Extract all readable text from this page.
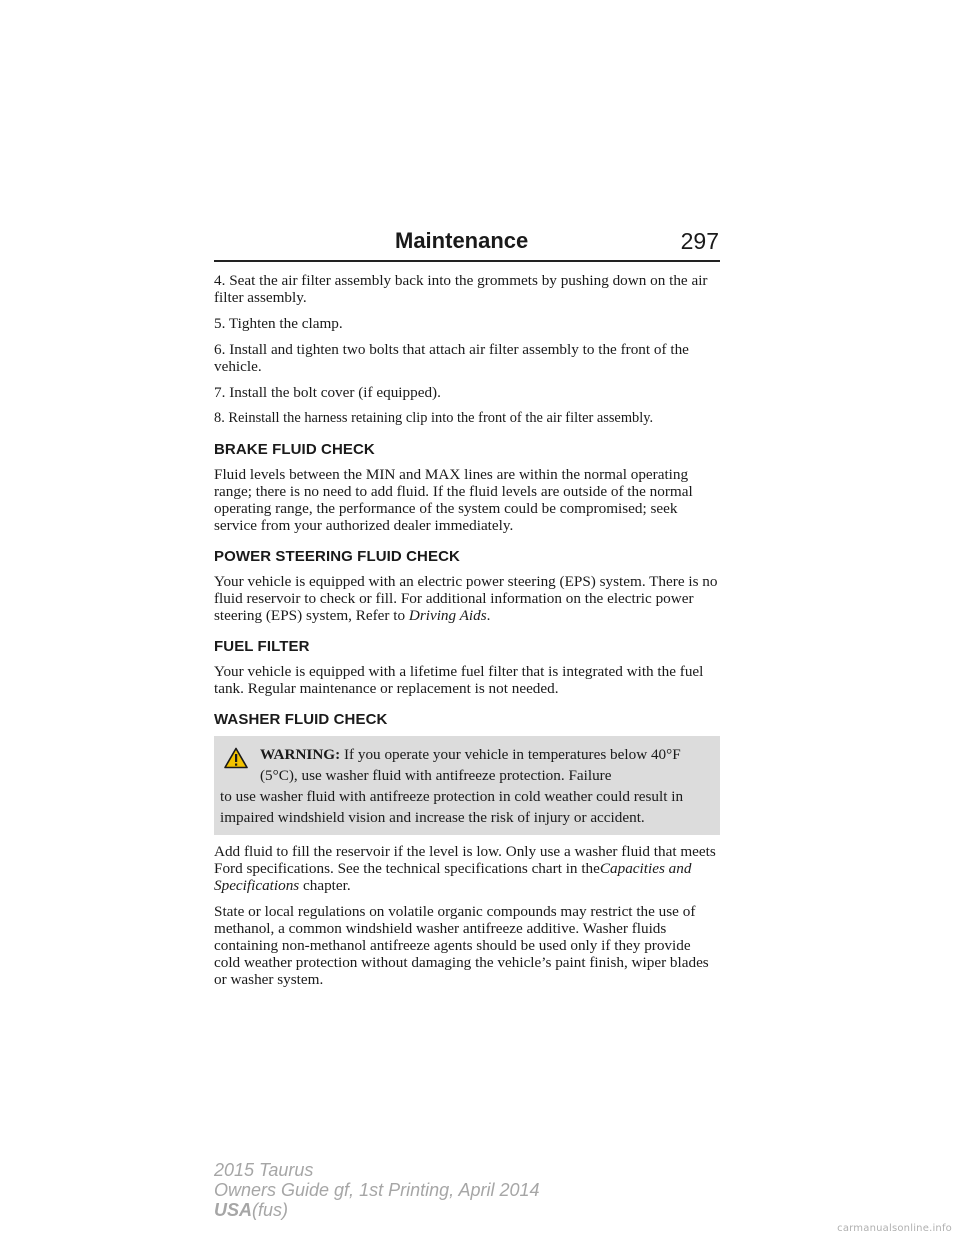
Maintenance	297

4. Seat the air filter assembly back into the grommets by pushing down on the air filter assembly.

5. Tighten the clamp.

6. Install and tighten two bolts that attach air filter assembly to the front of the vehicle.

7. Install the bolt cover (if equipped).

8. Reinstall the harness retaining clip into the front of the air filter assembly.

BRAKE FLUID CHECK

Fluid levels between the MIN and MAX lines are within the normal operating range; there is no need to add fluid. If the fluid levels are outside of the normal operating range, the performance of the system could be compromised; seek service from your authorized dealer immediately.

POWER STEERING FLUID CHECK

Your vehicle is equipped with an electric power steering (EPS) system. There is no fluid reservoir to check or fill. For additional information on the electric power steering (EPS) system, Refer to Driving Aids.

FUEL FILTER

Your vehicle is equipped with a lifetime fuel filter that is integrated with the fuel tank. Regular maintenance or replacement is not needed.

WASHER FLUID CHECK
WARNING: If you operate your vehicle in temperatures below 40°F (5°C), use washer fluid with antifreeze protection. Failure
to use washer fluid with antifreeze protection in cold weather could result in impaired windshield vision and increase the risk of injury or accident.

Add fluid to fill the reservoir if the level is low. Only use a washer fluid that meets Ford specifications. See the technical specifications chart in theCapacities and Specifications chapter.

State or local regulations on volatile organic compounds may restrict the use of methanol, a common windshield washer antifreeze additive. Washer fluids containing non-methanol antifreeze agents should be used only if they provide cold weather protection without damaging the vehicle’s paint finish, wiper blades or washer system.

2015 Taurus
Owners Guide gf, 1st Printing, April 2014
USA(fus)
carmanualsonline.info
